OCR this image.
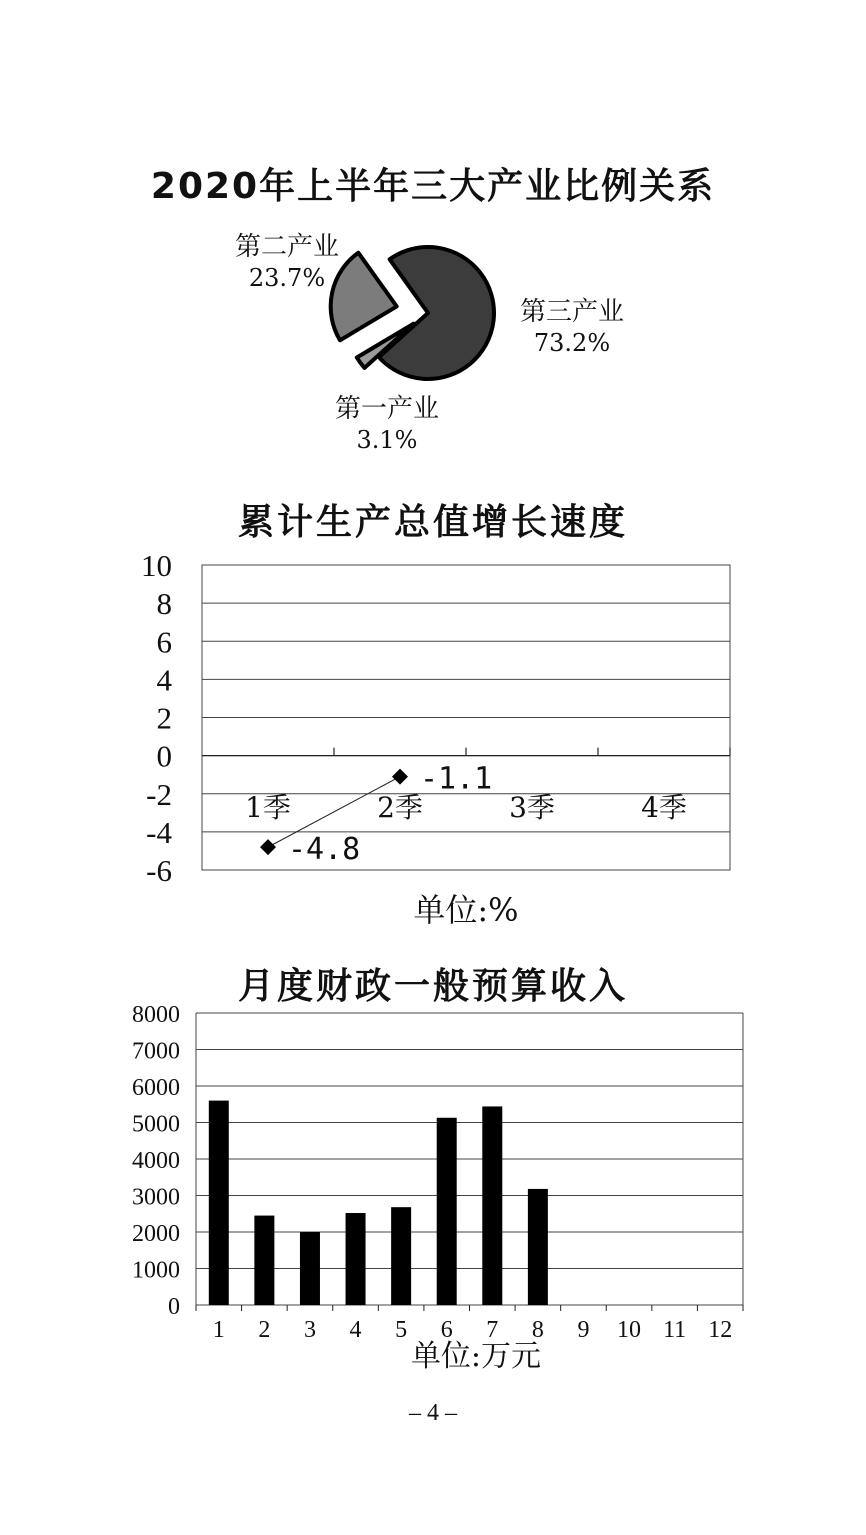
2020年上半年三大产业比例关系
第三产业
73.2%
第一产业
3.1%
第二产业
23.7%
累计生产总值增长速度
10
8
6
4
2
0
-2
-4
-6
1季	2季	3季	4季
-4.8
-1.1
单位:%
月度财政一般预算收入
8000
7000
6000
5000
4000
3000
2000
1000
0
1 2 3 4 5 6 7 8 9 10 11 12
单位:万元
– 4 –
